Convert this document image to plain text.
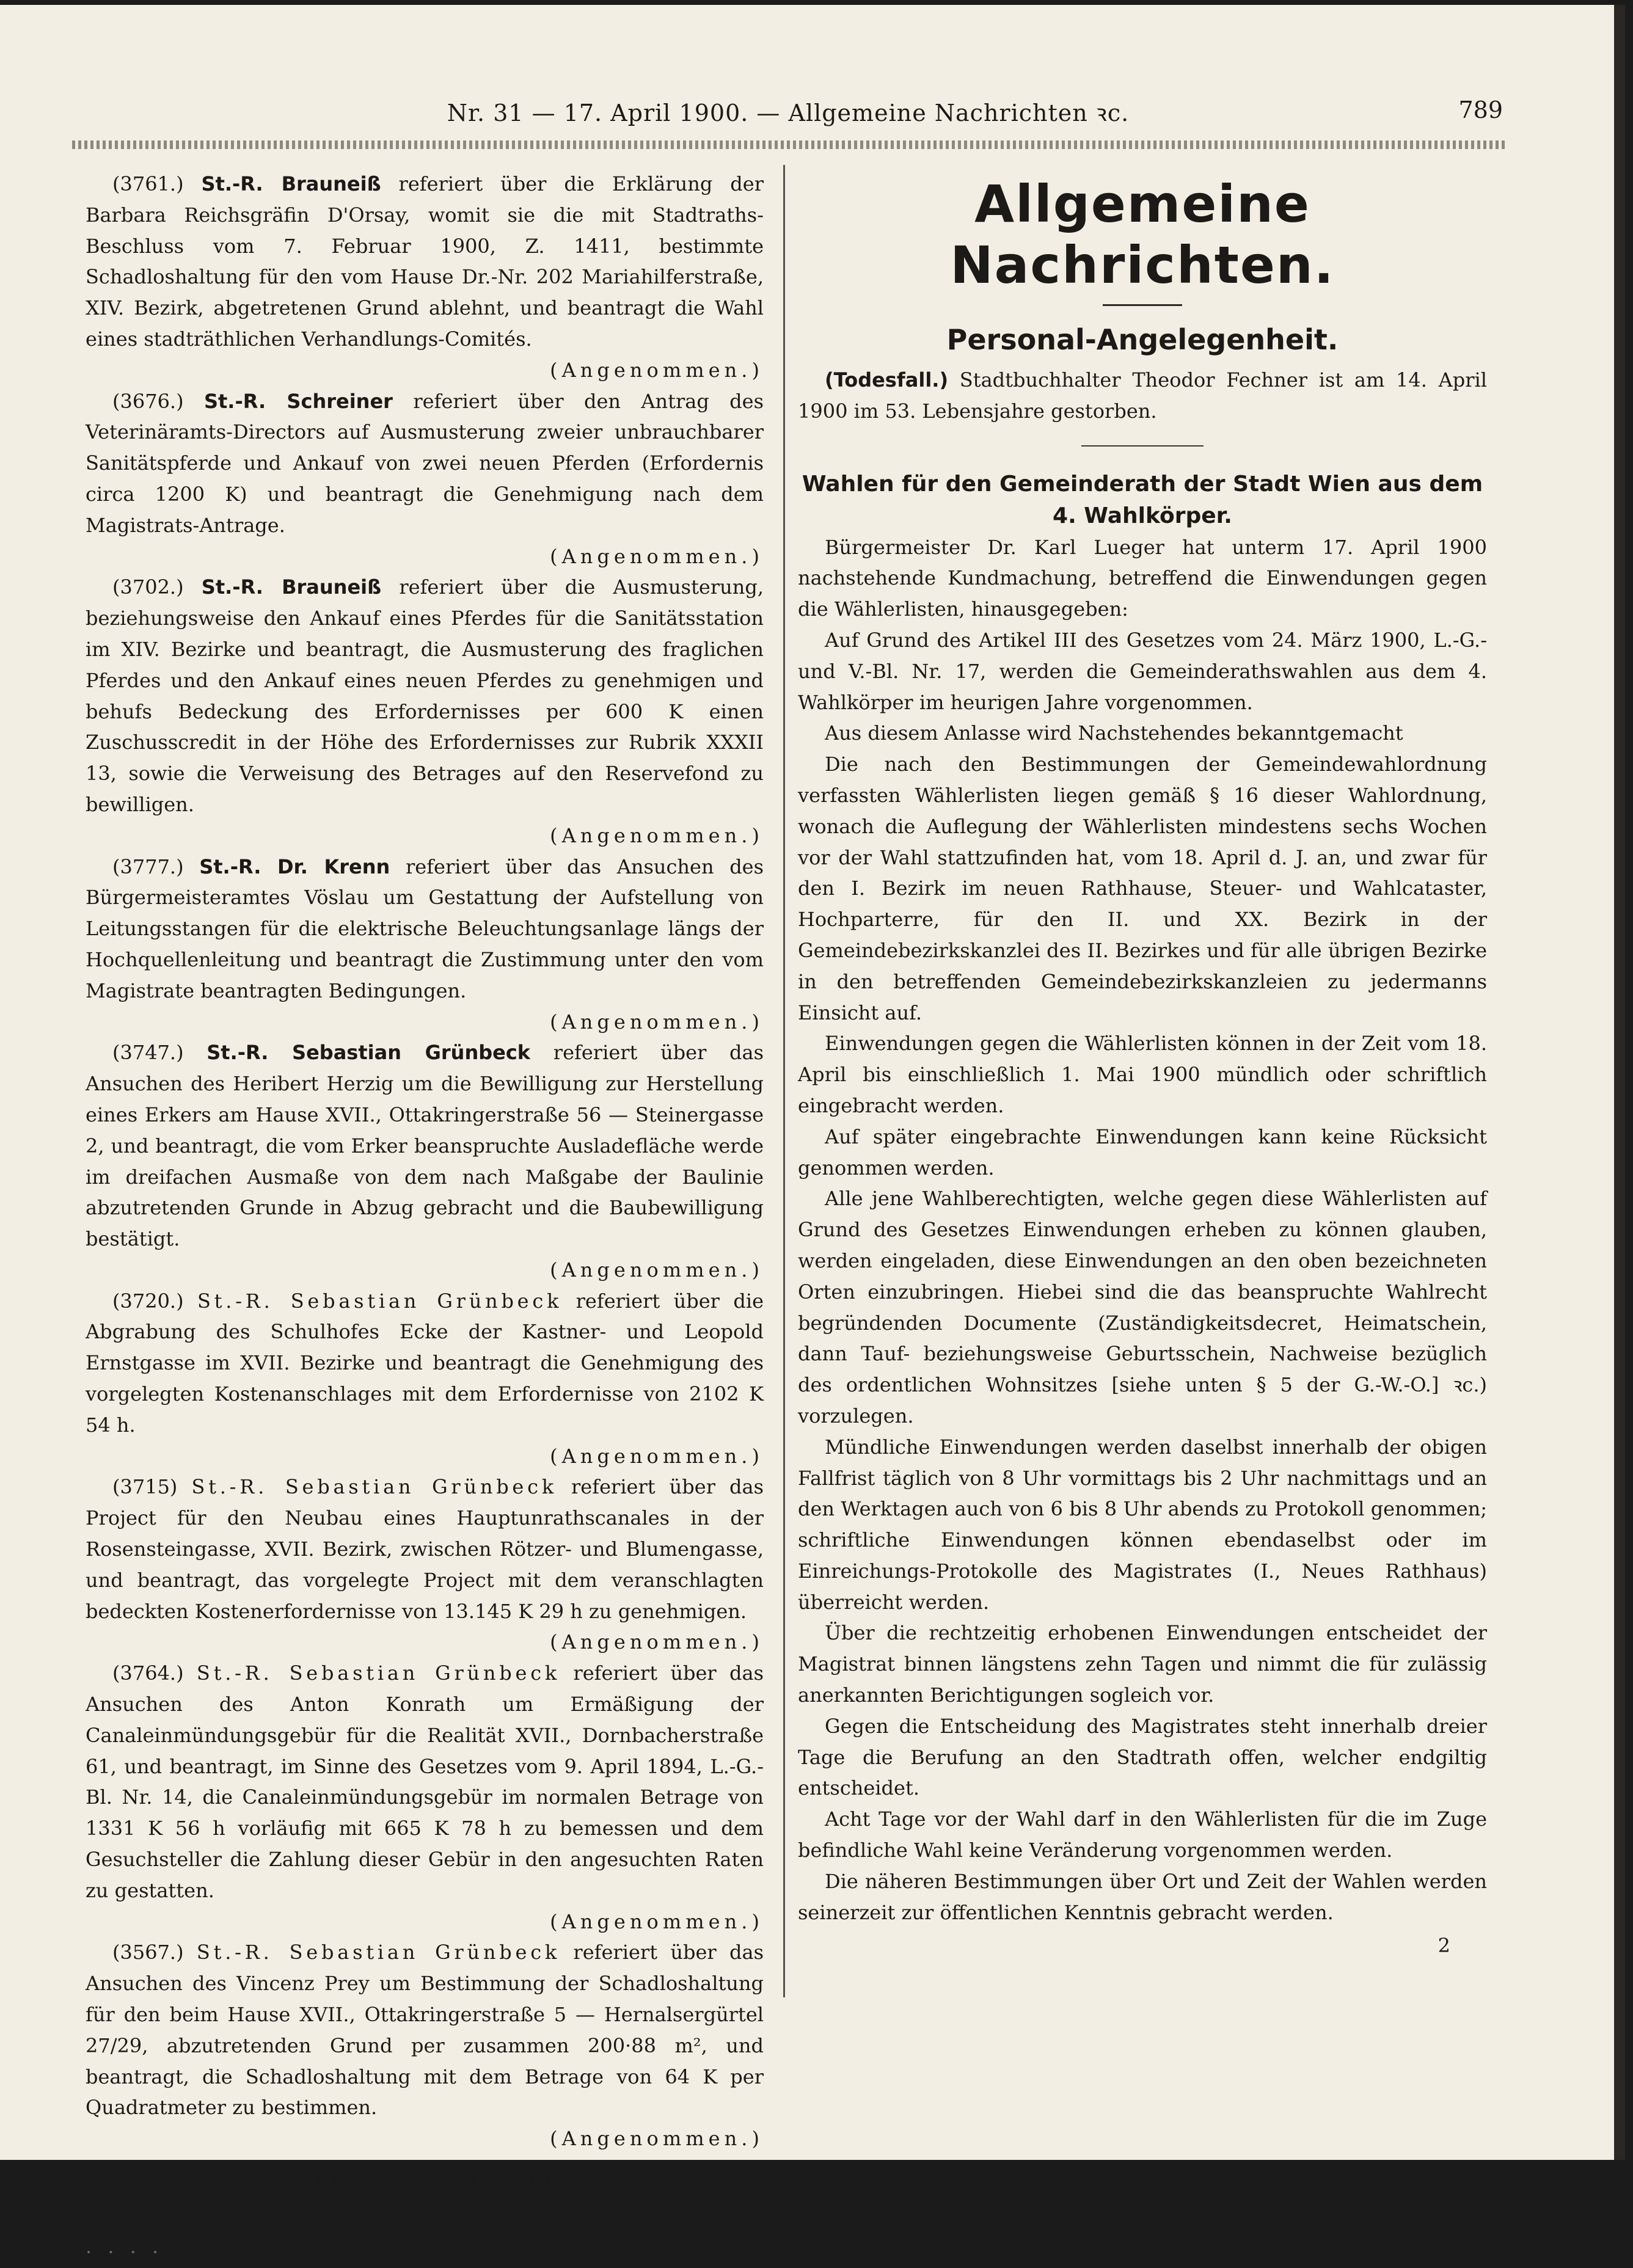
Nr. 31 — 17. April 1900. — Allgemeine Nachrichten ꝛc.	789

(3761.) St.-R. Brauneiß referiert über die Erklärung der Barbara Reichsgräfin D'Orsay, womit sie die mit Stadtraths-Beschluss vom 7. Februar 1900, Z. 1411, bestimmte Schadloshaltung für den vom Hause Dr.-Nr. 202 Mariahilferstraße, XIV. Bezirk, abgetretenen Grund ablehnt, und beantragt die Wahl eines stadträthlichen Verhandlungs-Comités.
(Angenommen.)

(3676.) St.-R. Schreiner referiert über den Antrag des Veterinäramts-Directors auf Ausmusterung zweier unbrauchbarer Sanitätspferde und Ankauf von zwei neuen Pferden (Erfordernis circa 1200 K) und beantragt die Genehmigung nach dem Magistrats-Antrage.
(Angenommen.)

(3702.) St.-R. Brauneiß referiert über die Ausmusterung, beziehungsweise den Ankauf eines Pferdes für die Sanitätsstation im XIV. Bezirke und beantragt, die Ausmusterung des fraglichen Pferdes und den Ankauf eines neuen Pferdes zu genehmigen und behufs Bedeckung des Erfordernisses per 600 K einen Zuschusscredit in der Höhe des Erfordernisses zur Rubrik XXXII 13, sowie die Verweisung des Betrages auf den Reservefond zu bewilligen.
(Angenommen.)

(3777.) St.-R. Dr. Krenn referiert über das Ansuchen des Bürgermeisteramtes Vöslau um Gestattung der Aufstellung von Leitungsstangen für die elektrische Beleuchtungsanlage längs der Hochquellenleitung und beantragt die Zustimmung unter den vom Magistrate beantragten Bedingungen.
(Angenommen.)

(3747.) St.-R. Sebastian Grünbeck referiert über das Ansuchen des Heribert Herzig um die Bewilligung zur Herstellung eines Erkers am Hause XVII., Ottakringerstraße 56 — Steinergasse 2, und beantragt, die vom Erker beanspruchte Ausladefläche werde im dreifachen Ausmaße von dem nach Maßgabe der Baulinie abzutretenden Grunde in Abzug gebracht und die Baubewilligung bestätigt.
(Angenommen.)

(3720.) St.-R. Sebastian Grünbeck referiert über die Abgrabung des Schulhofes Ecke der Kastner- und Leopold Ernstgasse im XVII. Bezirke und beantragt die Genehmigung des vorgelegten Kostenanschlages mit dem Erfordernisse von 2102 K 54 h.
(Angenommen.)

(3715) St.-R. Sebastian Grünbeck referiert über das Project für den Neubau eines Hauptunrathscanales in der Rosensteingasse, XVII. Bezirk, zwischen Rötzer- und Blumengasse, und beantragt, das vorgelegte Project mit dem veranschlagten bedeckten Kostenerfordernisse von 13.145 K 29 h zu genehmigen.
(Angenommen.)

(3764.) St.-R. Sebastian Grünbeck referiert über das Ansuchen des Anton Konrath um Ermäßigung der Canaleinmündungsgebür für die Realität XVII., Dornbacherstraße 61, und beantragt, im Sinne des Gesetzes vom 9. April 1894, L.-G.-Bl. Nr. 14, die Canaleinmündungsgebür im normalen Betrage von 1331 K 56 h vorläufig mit 665 K 78 h zu bemessen und dem Gesuchsteller die Zahlung dieser Gebür in den angesuchten Raten zu gestatten.
(Angenommen.)

(3567.) St.-R. Sebastian Grünbeck referiert über das Ansuchen des Vincenz Prey um Bestimmung der Schadloshaltung für den beim Hause XVII., Ottakringerstraße 5 — Hernalsergürtel 27/29, abzutretenden Grund per zusammen 200·88 m², und beantragt, die Schadloshaltung mit dem Betrage von 64 K per Quadratmeter zu bestimmen.
(Angenommen.)

(Schluss der Sitzung.)

· · · ·

Allgemeine Nachrichten.
Personal-Angelegenheit.

(Todesfall.) Stadtbuchhalter Theodor Fechner ist am 14. April 1900 im 53. Lebensjahre gestorben.

Wahlen für den Gemeinderath der Stadt Wien aus dem
4. Wahlkörper.

Bürgermeister Dr. Karl Lueger hat unterm 17. April 1900 nachstehende Kundmachung, betreffend die Einwendungen gegen die Wählerlisten, hinausgegeben:

Auf Grund des Artikel III des Gesetzes vom 24. März 1900, L.-G.- und V.-Bl. Nr. 17, werden die Gemeinderathswahlen aus dem 4. Wahlkörper im heurigen Jahre vorgenommen.

Aus diesem Anlasse wird Nachstehendes bekanntgemacht

Die nach den Bestimmungen der Gemeindewahlordnung verfassten Wählerlisten liegen gemäß § 16 dieser Wahlordnung, wonach die Auflegung der Wählerlisten mindestens sechs Wochen vor der Wahl stattzufinden hat, vom 18. April d. J. an, und zwar für den I. Bezirk im neuen Rathhause, Steuer- und Wahlcataster, Hochparterre, für den II. und XX. Bezirk in der Gemeindebezirkskanzlei des II. Bezirkes und für alle übrigen Bezirke in den betreffenden Gemeindebezirkskanzleien zu jedermanns Einsicht auf.

Einwendungen gegen die Wählerlisten können in der Zeit vom 18. April bis einschließlich 1. Mai 1900 mündlich oder schriftlich eingebracht werden.

Auf später eingebrachte Einwendungen kann keine Rücksicht genommen werden.

Alle jene Wahlberechtigten, welche gegen diese Wählerlisten auf Grund des Gesetzes Einwendungen erheben zu können glauben, werden eingeladen, diese Einwendungen an den oben bezeichneten Orten einzubringen. Hiebei sind die das beanspruchte Wahlrecht begründenden Documente (Zuständigkeitsdecret, Heimatschein, dann Tauf- beziehungsweise Geburtsschein, Nachweise bezüglich des ordentlichen Wohnsitzes [siehe unten § 5 der G.-W.-O.] ꝛc.) vorzulegen.

Mündliche Einwendungen werden daselbst innerhalb der obigen Fallfrist täglich von 8 Uhr vormittags bis 2 Uhr nachmittags und an den Werktagen auch von 6 bis 8 Uhr abends zu Protokoll genommen; schriftliche Einwendungen können ebendaselbst oder im Einreichungs-Protokolle des Magistrates (I., Neues Rathhaus) überreicht werden.

Über die rechtzeitig erhobenen Einwendungen entscheidet der Magistrat binnen längstens zehn Tagen und nimmt die für zulässig anerkannten Berichtigungen sogleich vor.

Gegen die Entscheidung des Magistrates steht innerhalb dreier Tage die Berufung an den Stadtrath offen, welcher endgiltig entscheidet.

Acht Tage vor der Wahl darf in den Wählerlisten für die im Zuge befindliche Wahl keine Veränderung vorgenommen werden.

Die näheren Bestimmungen über Ort und Zeit der Wahlen werden seinerzeit zur öffentlichen Kenntnis gebracht werden.

2
